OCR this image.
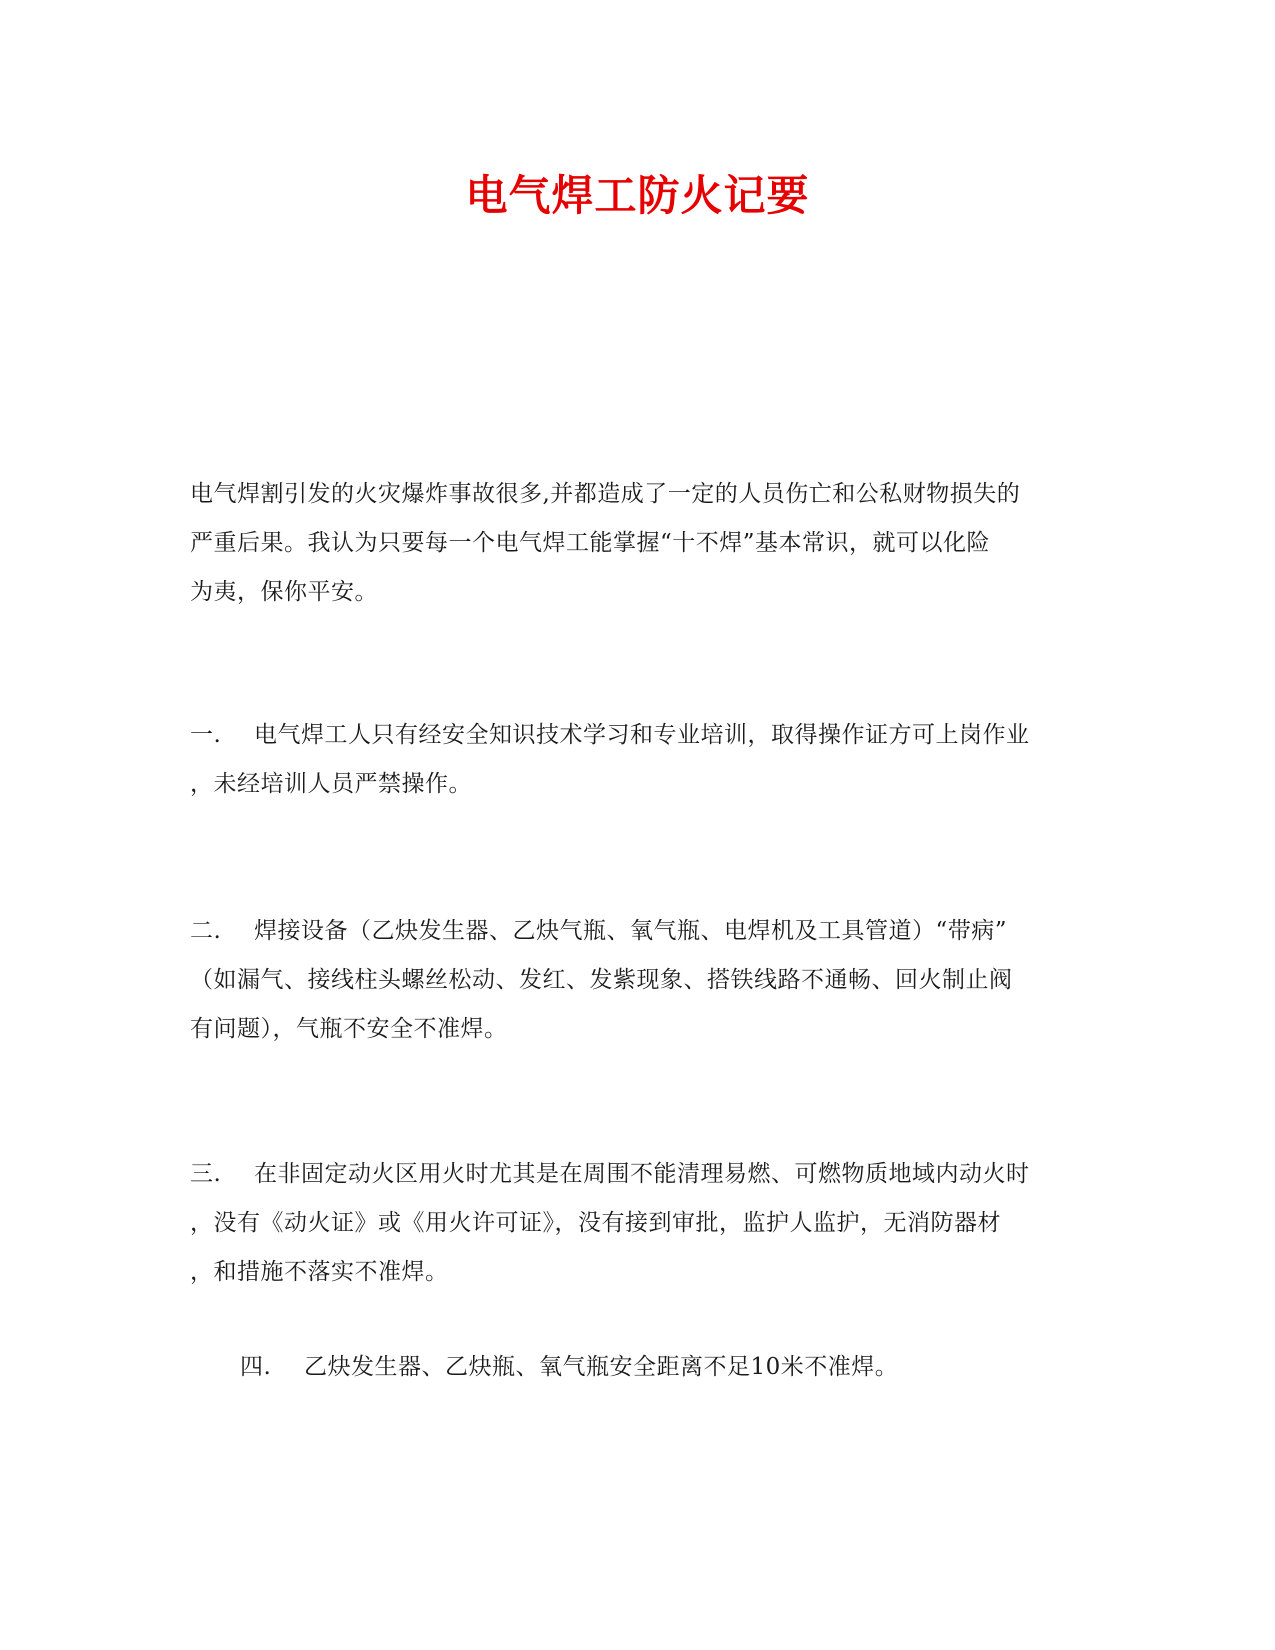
电气焊工防火记要
电气焊割引发的火灾爆炸事故很多,并都造成了一定的人员伤亡和公私财物损失的
严重后果。我认为只要每一个电气焊工能掌握“十不焊”基本常识，就可以化险
为夷，保你平安。
一. 电气焊工人只有经安全知识技术学习和专业培训，取得操作证方可上岗作业
，未经培训人员严禁操作。
二. 焊接设备（乙炔发生器、乙炔气瓶、氧气瓶、电焊机及工具管道）“带病”
（如漏气、接线柱头螺丝松动、发红、发紫现象、搭铁线路不通畅、回火制止阀
有问题），气瓶不安全不准焊。
三. 在非固定动火区用火时尤其是在周围不能清理易燃、可燃物质地域内动火时
，没有《动火证》或《用火许可证》，没有接到审批，监护人监护，无消防器材
，和措施不落实不准焊。
四. 乙炔发生器、乙炔瓶、氧气瓶安全距离不足10米不准焊。
